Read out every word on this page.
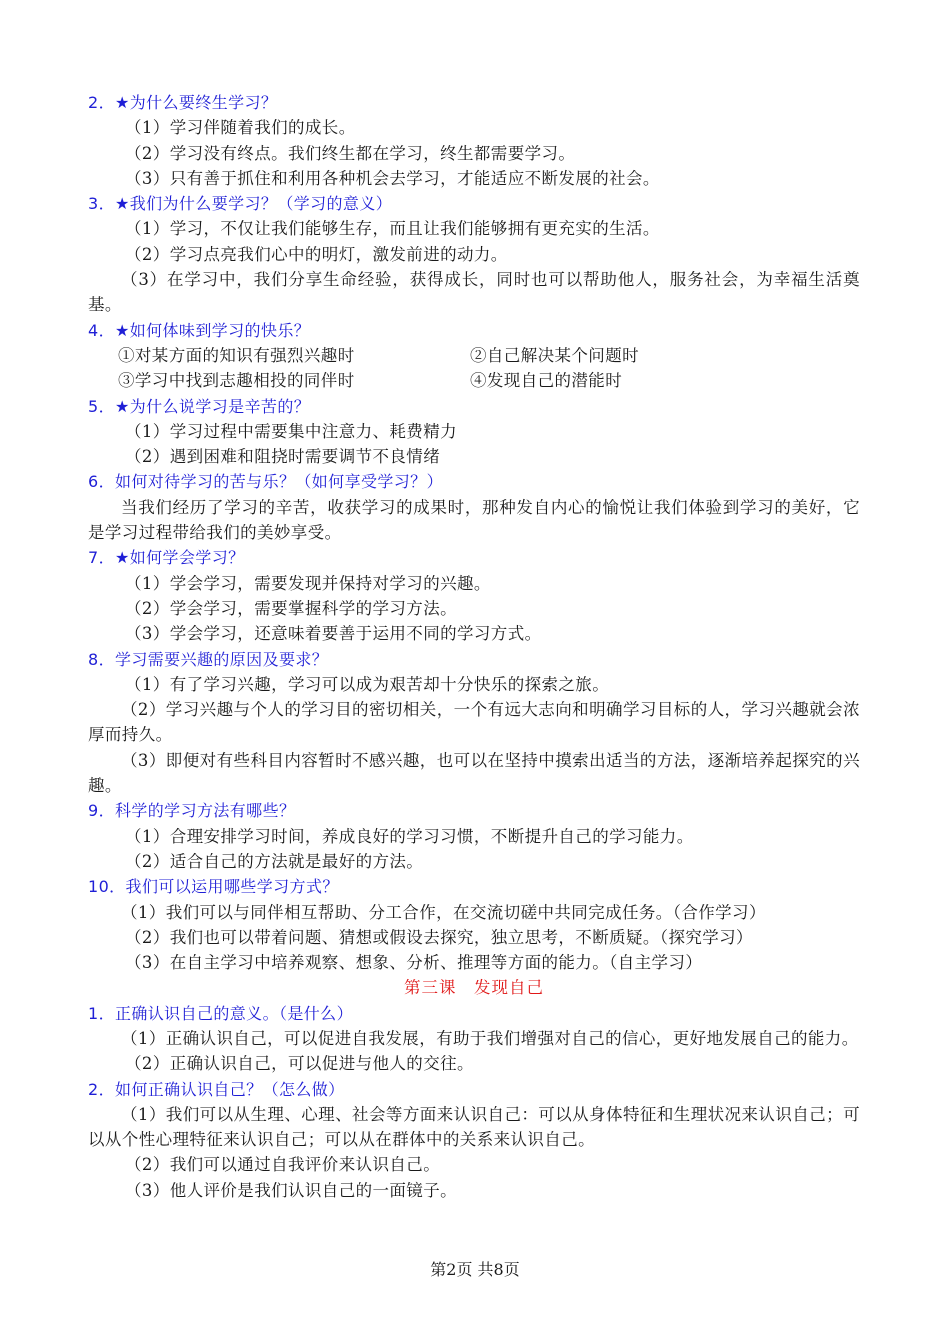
2．★为什么要终生学习？
（1）学习伴随着我们的成长。
（2）学习没有终点。我们终生都在学习，终生都需要学习。
（3）只有善于抓住和利用各种机会去学习，才能适应不断发展的社会。
3．★我们为什么要学习？（学习的意义）
（1）学习，不仅让我们能够生存，而且让我们能够拥有更充实的生活。
（2）学习点亮我们心中的明灯，激发前进的动力。
（3）在学习中，我们分享生命经验，获得成长，同时也可以帮助他人，服务社会，为幸福生活奠基。
4．★如何体味到学习的快乐？
①对某方面的知识有强烈兴趣时	②自己解决某个问题时
③学习中找到志趣相投的同伴时	④发现自己的潜能时
5．★为什么说学习是辛苦的？
（1）学习过程中需要集中注意力、耗费精力
（2）遇到困难和阻挠时需要调节不良情绪
6．如何对待学习的苦与乐？（如何享受学习？）
当我们经历了学习的辛苦，收获学习的成果时，那种发自内心的愉悦让我们体验到学习的美好，它是学习过程带给我们的美妙享受。
7．★如何学会学习？
（1）学会学习，需要发现并保持对学习的兴趣。
（2）学会学习，需要掌握科学的学习方法。
（3）学会学习，还意味着要善于运用不同的学习方式。
8．学习需要兴趣的原因及要求？
（1）有了学习兴趣，学习可以成为艰苦却十分快乐的探索之旅。
（2）学习兴趣与个人的学习目的密切相关，一个有远大志向和明确学习目标的人，学习兴趣就会浓厚而持久。
（3）即便对有些科目内容暂时不感兴趣，也可以在坚持中摸索出适当的方法，逐渐培养起探究的兴趣。
9．科学的学习方法有哪些？
（1）合理安排学习时间，养成良好的学习习惯，不断提升自己的学习能力。
（2）适合自己的方法就是最好的方法。
10．我们可以运用哪些学习方式？
（1）我们可以与同伴相互帮助、分工合作，在交流切磋中共同完成任务。（合作学习）
（2）我们也可以带着问题、猜想或假设去探究，独立思考，不断质疑。（探究学习）
（3）在自主学习中培养观察、想象、分析、推理等方面的能力。（自主学习）
第三课　发现自己
1．正确认识自己的意义。（是什么）
（1）正确认识自己，可以促进自我发展，有助于我们增强对自己的信心，更好地发展自己的能力。
（2）正确认识自己，可以促进与他人的交往。
2．如何正确认识自己？（怎么做）
（1）我们可以从生理、心理、社会等方面来认识自己：可以从身体特征和生理状况来认识自己；可以从个性心理特征来认识自己；可以从在群体中的关系来认识自己。
（2）我们可以通过自我评价来认识自己。
（3）他人评价是我们认识自己的一面镜子。
第2页 共8页
